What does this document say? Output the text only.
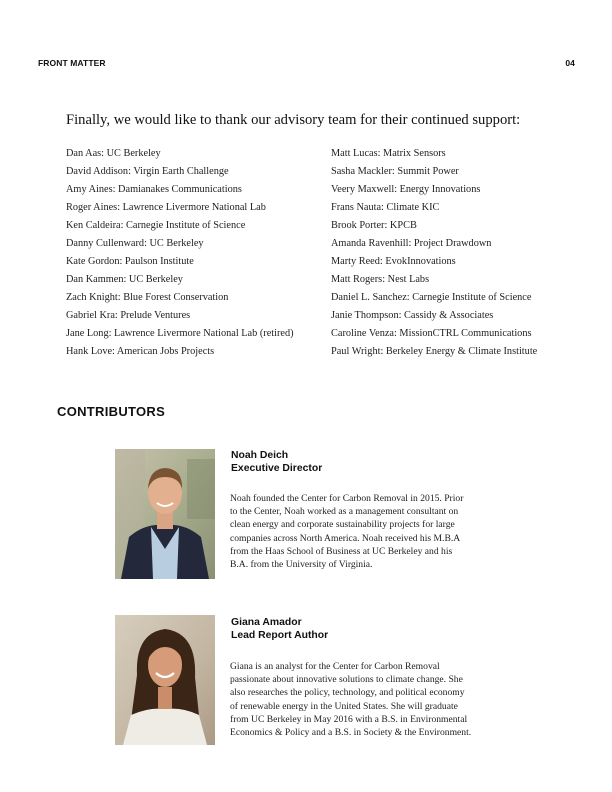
FRONT MATTER	04

Finally, we would like to thank our advisory team for their continued support:

Dan Aas: UC Berkeley
David Addison: Virgin Earth Challenge
Amy Aines: Damianakes Communications
Roger Aines: Lawrence Livermore National Lab
Ken Caldeira: Carnegie Institute of Science
Danny Cullenward: UC Berkeley
Kate Gordon: Paulson Institute
Dan Kammen: UC Berkeley
Zach Knight: Blue Forest Conservation
Gabriel Kra: Prelude Ventures
Jane Long: Lawrence Livermore National Lab (retired)
Hank Love: American Jobs Projects
Matt Lucas: Matrix Sensors
Sasha Mackler: Summit Power
Veery Maxwell: Energy Innovations
Frans Nauta: Climate KIC
Brook Porter: KPCB
Amanda Ravenhill: Project Drawdown
Marty Reed: EvokInnovations
Matt Rogers: Nest Labs
Daniel L. Sanchez: Carnegie Institute of Science
Janie Thompson: Cassidy & Associates
Caroline Venza: MissionCTRL Communications
Paul Wright: Berkeley Energy & Climate Institute
CONTRIBUTORS
Noah Deich
Executive Director
Noah founded the Center for Carbon Removal in 2015. Prior
to the Center, Noah worked as a management consultant on
clean energy and corporate sustainability projects for large
companies across North America. Noah received his M.B.A
from the Haas School of Business at UC Berkeley and his
B.A. from the University of Virginia.
Giana Amador
Lead Report Author
Giana is an analyst for the Center for Carbon Removal
passionate about innovative solutions to climate change. She
also researches the policy, technology, and political economy
of renewable energy in the United States. She will graduate
from UC Berkeley in May 2016 with a B.S. in Environmental
Economics & Policy and a B.S. in Society & the Environment.
